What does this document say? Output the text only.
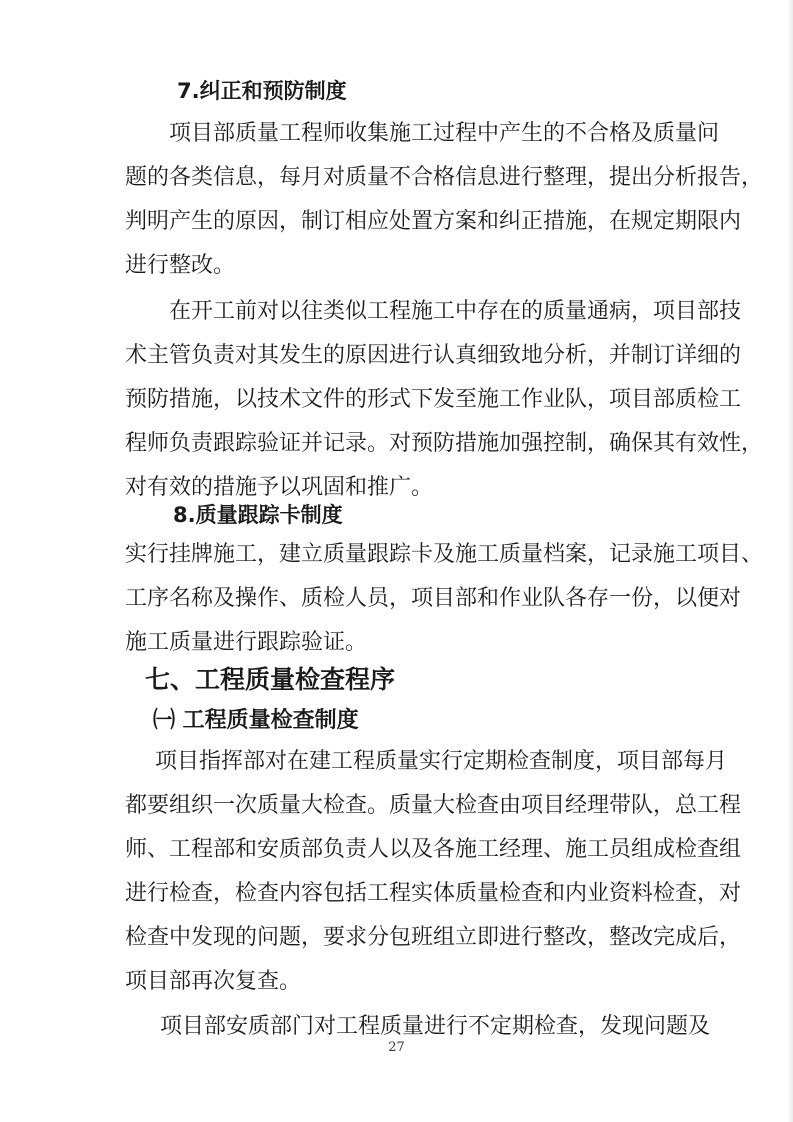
7.纠正和预防制度
项目部质量工程师收集施工过程中产生的不合格及质量问
题的各类信息，每月对质量不合格信息进行整理，提出分析报告，
判明产生的原因，制订相应处置方案和纠正措施，在规定期限内
进行整改。
在开工前对以往类似工程施工中存在的质量通病，项目部技
术主管负责对其发生的原因进行认真细致地分析，并制订详细的
预防措施，以技术文件的形式下发至施工作业队，项目部质检工
程师负责跟踪验证并记录。对预防措施加强控制，确保其有效性，
对有效的措施予以巩固和推广。
8.质量跟踪卡制度
实行挂牌施工，建立质量跟踪卡及施工质量档案，记录施工项目、
工序名称及操作、质检人员，项目部和作业队各存一份，以便对
施工质量进行跟踪验证。
七、工程质量检查程序
㈠ 工程质量检查制度
项目指挥部对在建工程质量实行定期检查制度，项目部每月
都要组织一次质量大检查。质量大检查由项目经理带队，总工程
师、工程部和安质部负责人以及各施工经理、施工员组成检查组
进行检查，检查内容包括工程实体质量检查和内业资料检查，对
检查中发现的问题，要求分包班组立即进行整改，整改完成后，
项目部再次复查。
项目部安质部门对工程质量进行不定期检查，发现问题及
27
